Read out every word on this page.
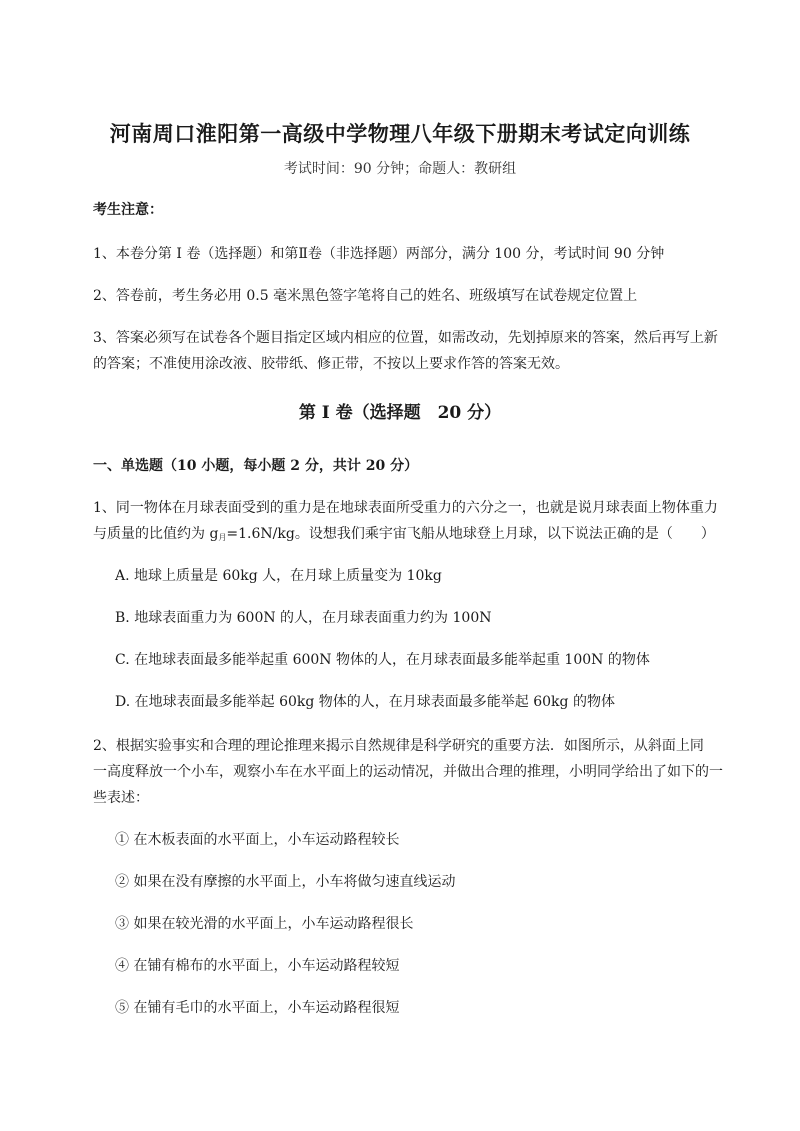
河南周口淮阳第一高级中学物理八年级下册期末考试定向训练
考试时间：90 分钟；命题人：教研组
考生注意：
1、本卷分第 I 卷（选择题）和第Ⅱ卷（非选择题）两部分，满分 100 分，考试时间 90 分钟
2、答卷前，考生务必用 0.5 毫米黑色签字笔将自己的姓名、班级填写在试卷规定位置上
3、答案必须写在试卷各个题目指定区域内相应的位置，如需改动，先划掉原来的答案，然后再写上新
的答案；不准使用涂改液、胶带纸、修正带，不按以上要求作答的答案无效。
第 I 卷（选择题　20 分）
一、单选题（10 小题，每小题 2 分，共计 20 分）
1、同一物体在月球表面受到的重力是在地球表面所受重力的六分之一，也就是说月球表面上物体重力
与质量的比值约为 $g_月=1.6N/kg$。设想我们乘宇宙飞船从地球登上月球，以下说法正确的是（　　）
A. 地球上质量是 60kg 人，在月球上质量变为 10kg
B. 地球表面重力为 600N 的人，在月球表面重力约为 100N
C. 在地球表面最多能举起重 600N 物体的人，在月球表面最多能举起重 100N 的物体
D. 在地球表面最多能举起 60kg 物体的人，在月球表面最多能举起 60kg 的物体
2、根据实验事实和合理的理论推理来揭示自然规律是科学研究的重要方法．如图所示，从斜面上同
一高度释放一个小车，观察小车在水平面上的运动情况，并做出合理的推理，小明同学给出了如下的一
些表述：
① 在木板表面的水平面上，小车运动路程较长
② 如果在没有摩擦的水平面上，小车将做匀速直线运动
③ 如果在较光滑的水平面上，小车运动路程很长
④ 在铺有棉布的水平面上，小车运动路程较短
⑤ 在铺有毛巾的水平面上，小车运动路程很短
